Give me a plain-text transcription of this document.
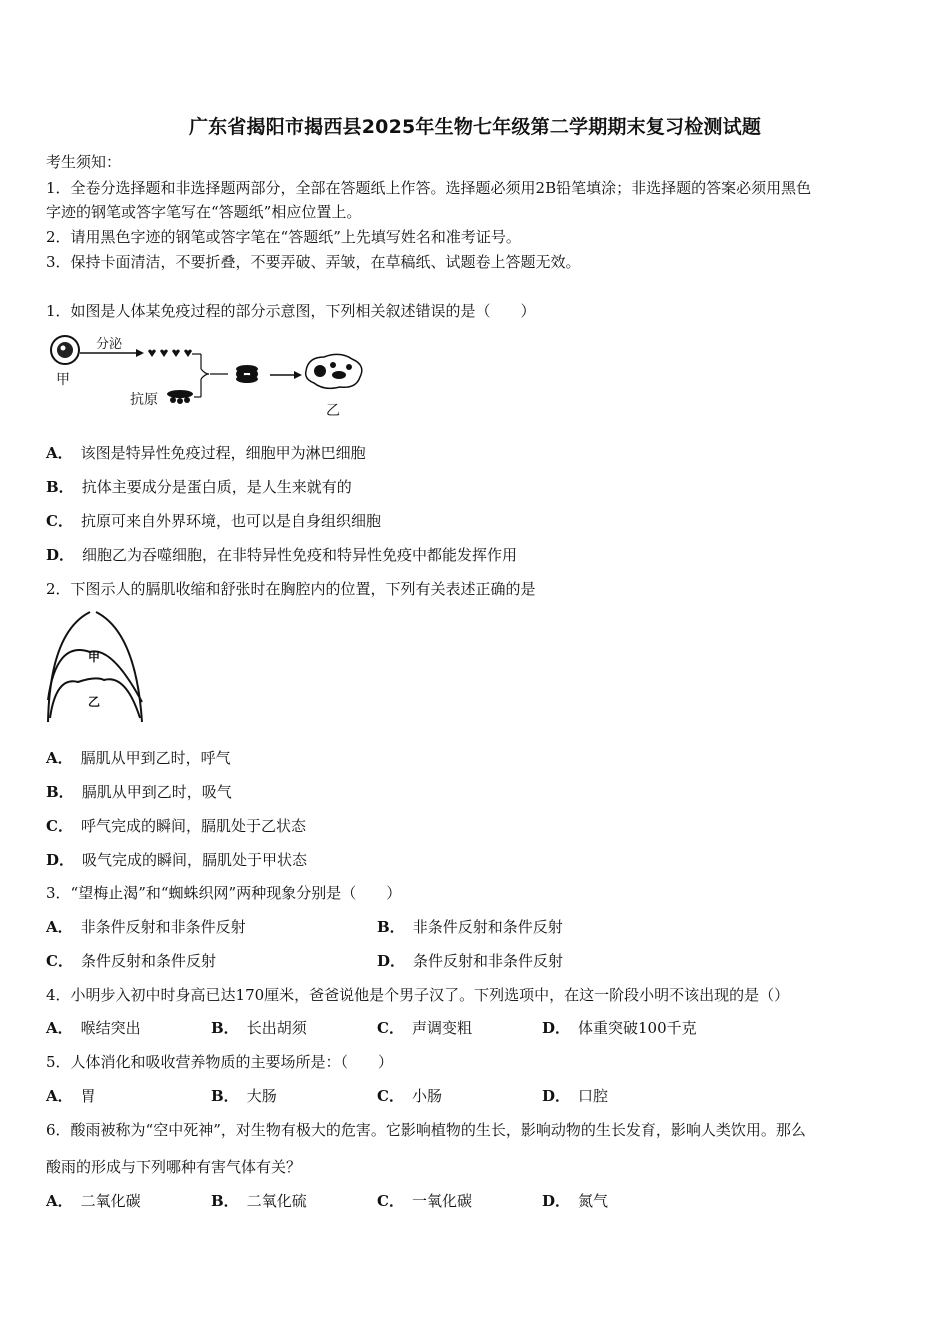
广东省揭阳市揭西县2025年生物七年级第二学期期末复习检测试题
考生须知：
1．全卷分选择题和非选择题两部分，全部在答题纸上作答。选择题必须用2B铅笔填涂；非选择题的答案必须用黑色
字迹的钢笔或答字笔写在“答题纸”相应位置上。
2．请用黑色字迹的钢笔或答字笔在“答题纸”上先填写姓名和准考证号。
3．保持卡面清洁，不要折叠，不要弄破、弄皱，在草稿纸、试题卷上答题无效。
1．如图是人体某免疫过程的部分示意图，下列相关叙述错误的是（　　）
甲
分泌
抗原
乙
A． 该图是特异性免疫过程，细胞甲为淋巴细胞
B． 抗体主要成分是蛋白质，是人生来就有的
C． 抗原可来自外界环境，也可以是自身组织细胞
D． 细胞乙为吞噬细胞，在非特异性免疫和特异性免疫中都能发挥作用
2．下图示人的膈肌收缩和舒张时在胸腔内的位置，下列有关表述正确的是
甲
乙
A． 膈肌从甲到乙时，呼气
B． 膈肌从甲到乙时，吸气
C． 呼气完成的瞬间，膈肌处于乙状态
D． 吸气完成的瞬间，膈肌处于甲状态
3．“望梅止渴”和“蜘蛛织网”两种现象分别是（　　）
A． 非条件反射和非条件反射	B． 非条件反射和条件反射
C． 条件反射和条件反射	D． 条件反射和非条件反射
4．小明步入初中时身高已达170厘米，爸爸说他是个男子汉了。下列选项中，在这一阶段小明不该出现的是（）
A． 喉结突出	B． 长出胡须	C． 声调变粗	D． 体重突破100千克
5．人体消化和吸收营养物质的主要场所是：（　　）
A． 胃	B． 大肠	C． 小肠	D． 口腔
6．酸雨被称为“空中死神”，对生物有极大的危害。它影响植物的生长，影响动物的生长发育，影响人类饮用。那么
酸雨的形成与下列哪种有害气体有关？
A． 二氧化碳	B． 二氧化硫	C． 一氧化碳	D． 氮气
